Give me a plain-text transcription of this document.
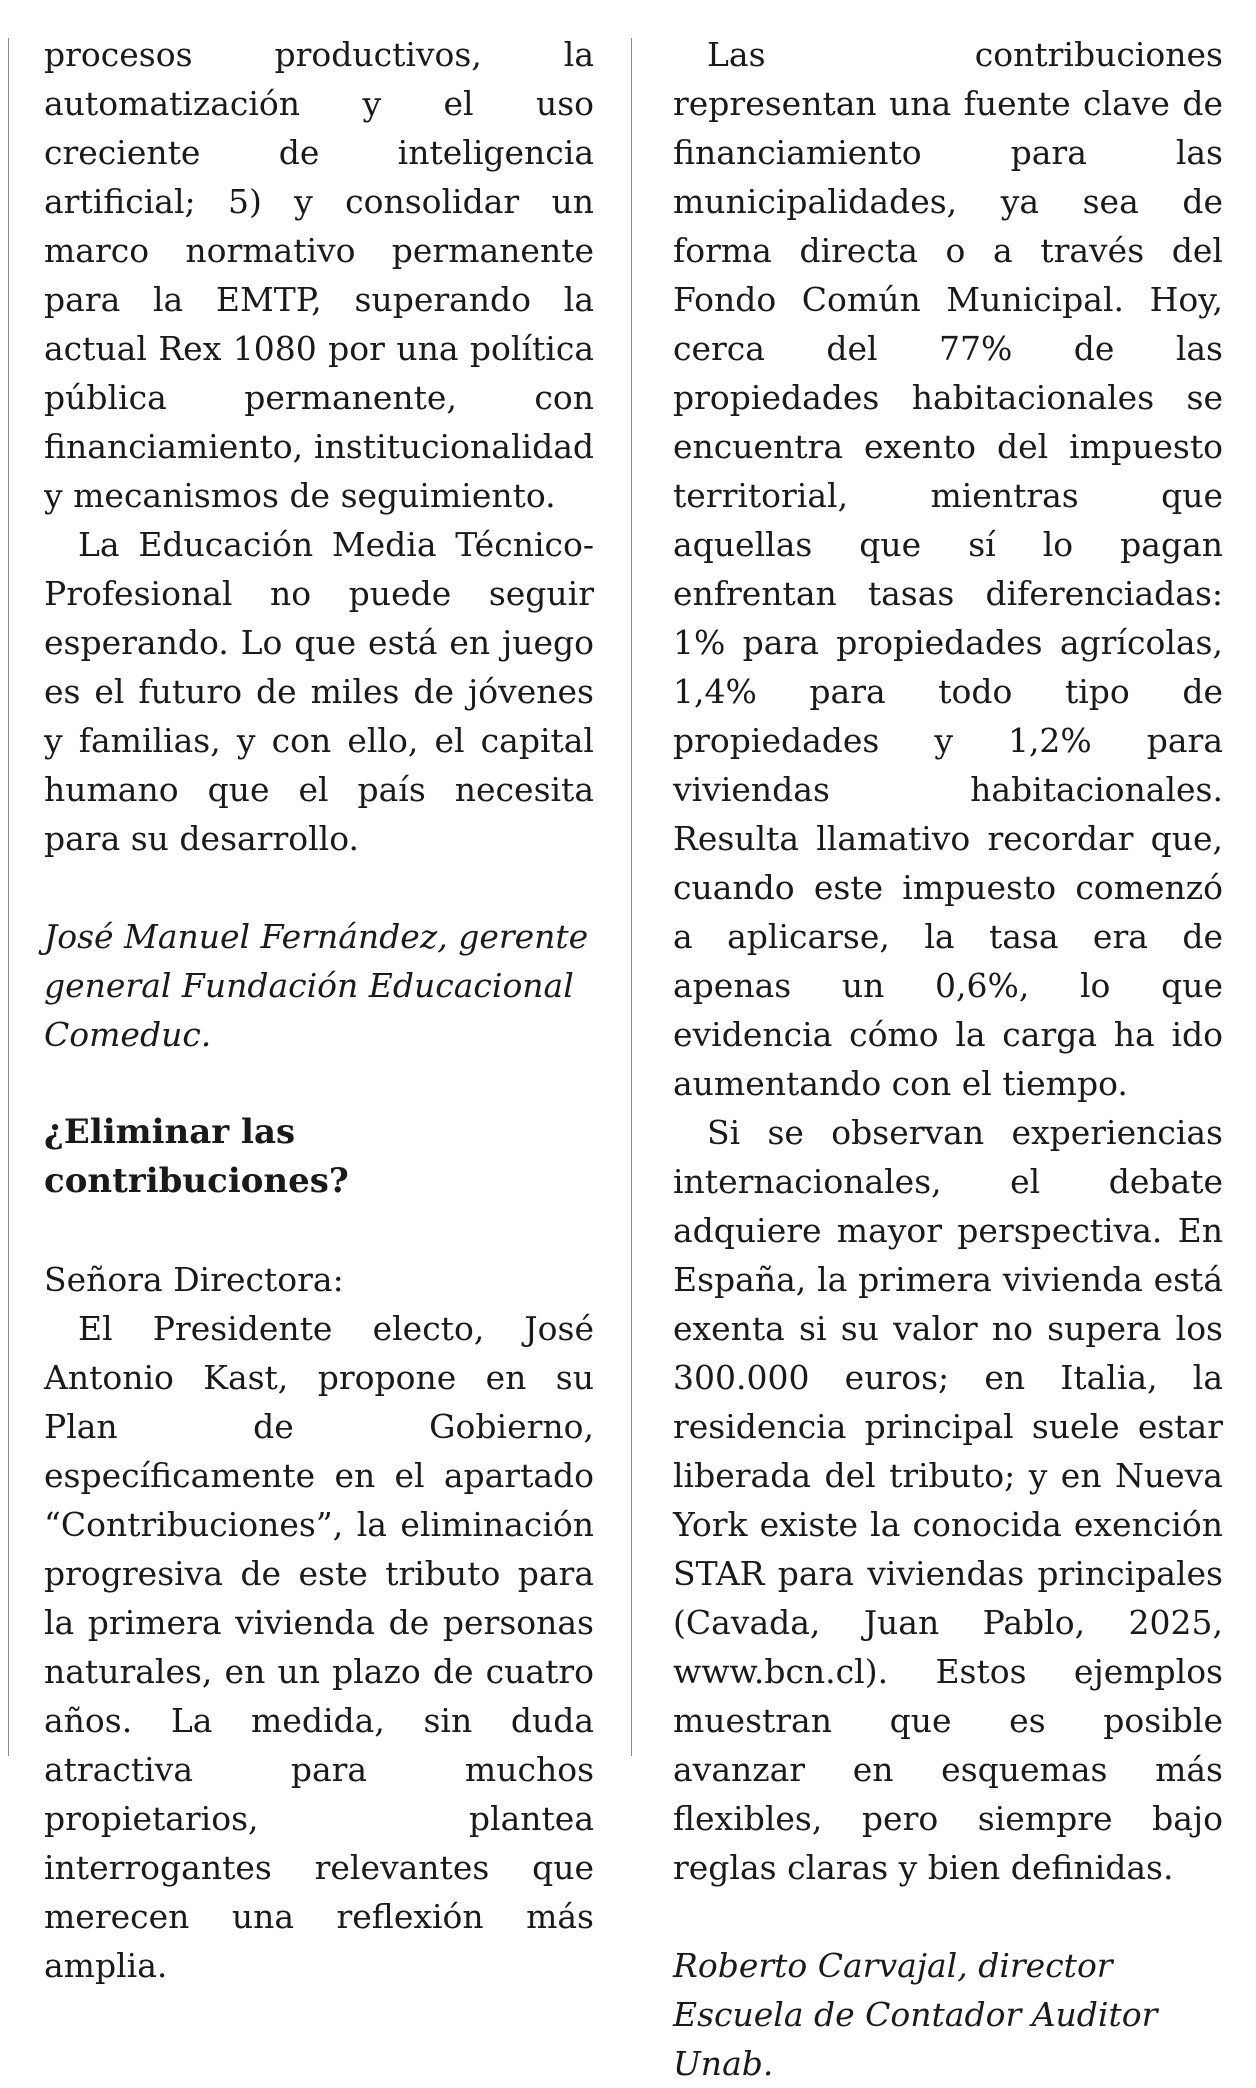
procesos productivos, la automatización y el uso creciente de inteligencia artificial; 5) y consolidar un marco normativo permanente para la EMTP, superando la actual Rex 1080 por una política pública permanente, con financiamiento, institucionalidad y mecanismos de seguimiento.

La Educación Media Técnico-Profesional no puede seguir esperando. Lo que está en juego es el futuro de miles de jóvenes y familias, y con ello, el capital humano que el país necesita para su desarrollo.

José Manuel Fernández, gerente general Fundación Educacional Comeduc.

¿Eliminar las contribuciones?

Señora Directora:

El Presidente electo, José Antonio Kast, propone en su Plan de Gobierno, específicamente en el apartado “Contribuciones”, la eliminación progresiva de este tributo para la primera vivienda de personas naturales, en un plazo de cuatro años. La medida, sin duda atractiva para muchos propietarios, plantea interrogantes relevantes que merecen una reflexión más amplia.

Las contribuciones representan una fuente clave de financiamiento para las municipalidades, ya sea de forma directa o a través del Fondo Común Municipal. Hoy, cerca del 77% de las propiedades habitacionales se encuentra exento del impuesto territorial, mientras que aquellas que sí lo pagan enfrentan tasas diferenciadas: 1% para propiedades agrícolas, 1,4% para todo tipo de propiedades y 1,2% para viviendas habitacionales. Resulta llamativo recordar que, cuando este impuesto comenzó a aplicarse, la tasa era de apenas un 0,6%, lo que evidencia cómo la carga ha ido aumentando con el tiempo.

Si se observan experiencias internacionales, el debate adquiere mayor perspectiva. En España, la primera vivienda está exenta si su valor no supera los 300.000 euros; en Italia, la residencia principal suele estar liberada del tributo; y en Nueva York existe la conocida exención STAR para viviendas principales (Cavada, Juan Pablo, 2025, www.bcn.cl). Estos ejemplos muestran que es posible avanzar en esquemas más flexibles, pero siempre bajo reglas claras y bien definidas.

Roberto Carvajal, director Escuela de Contador Auditor Unab.
